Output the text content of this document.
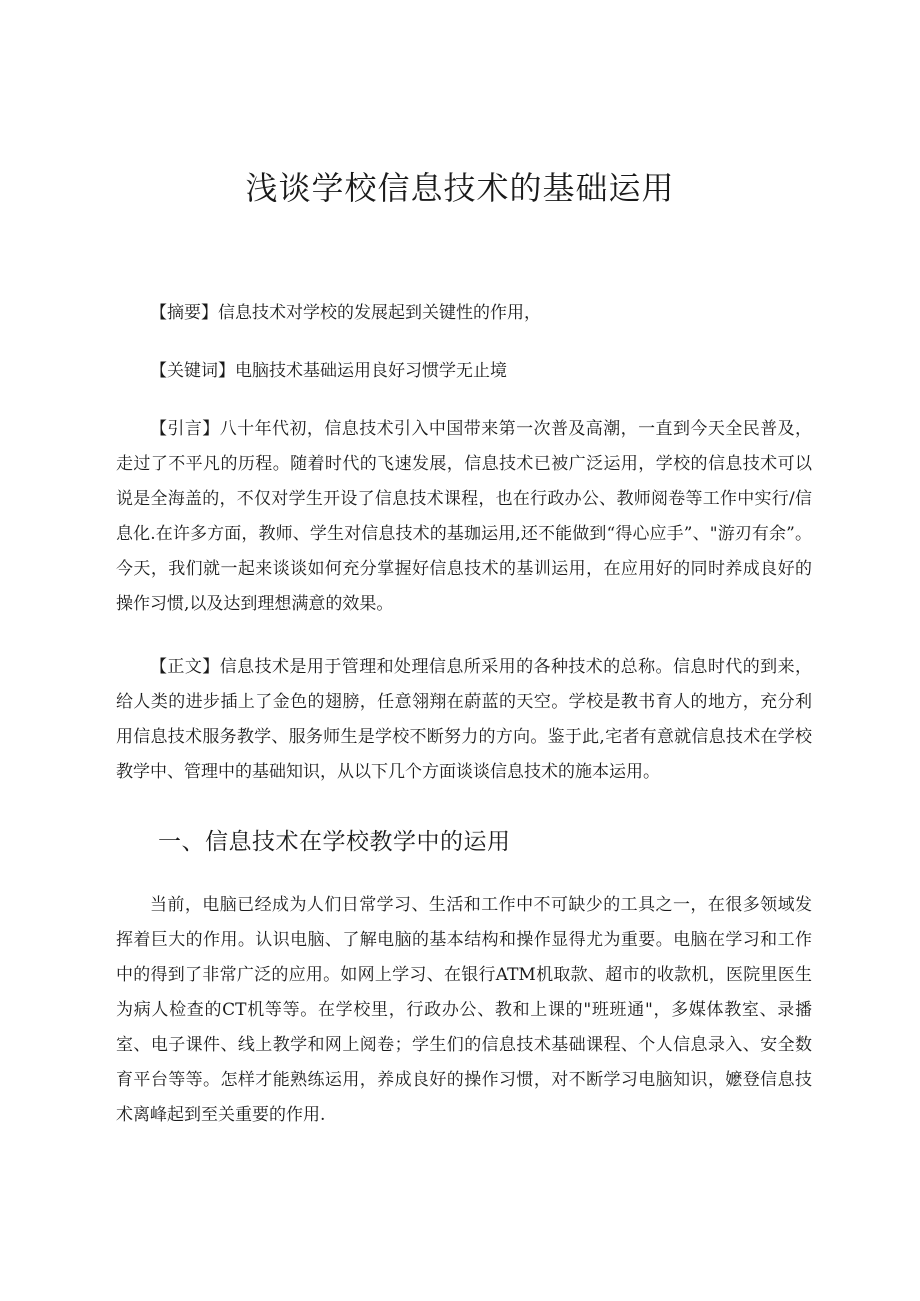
浅谈学校信息技术的基础运用

【摘要】信息技术对学校的发展起到关键性的作用，

【关键词】电脑技术基础运用良好习惯学无止境

【引言】八十年代初，信息技术引入中国带来第一次普及高潮，一直到今天全民普及，走过了不平凡的历程。随着时代的飞速发展，信息技术已被广泛运用，学校的信息技术可以说是全海盖的，不仅对学生开设了信息技术课程，也在行政办公、教师阅卷等工作中实行/信息化.在许多方面，教师、学生对信息技术的基珈运用,还不能做到“得心应手”、"游刃有余”。今天，我们就一起来谈谈如何充分掌握好信息技术的基训运用，在应用好的同时养成良好的操作习惯,以及达到理想满意的效果。

【正文】信息技术是用于管理和处理信息所采用的各种技术的总称。信息时代的到来，给人类的进步插上了金色的翅膀，任意翎翔在蔚蓝的天空。学校是教书育人的地方，充分利用信息技术服务教学、服务师生是学校不断努力的方向。鉴于此,宅者有意就信息技术在学校教学中、管理中的基础知识，从以下几个方面谈谈信息技术的施本运用。

一、信息技术在学校教学中的运用

当前，电脑已经成为人们日常学习、生活和工作中不可缺少的工具之一，在很多领域发挥着巨大的作用。认识电脑、了解电脑的基本结构和操作显得尤为重要。电脑在学习和工作中的得到了非常广泛的应用。如网上学习、在银行ATM机取款、超市的收款机，医院里医生为病人检查的CT机等等。在学校里，行政办公、教和上课的"班班通"，多媒体教室、录播室、电子课件、线上教学和网上阅卷；学生们的信息技术基础课程、个人信息录入、安全数育平台等等。怎样才能熟练运用，养成良好的操作习惯，对不断学习电脑知识，嬷登信息技术离峰起到至关重要的作用.
